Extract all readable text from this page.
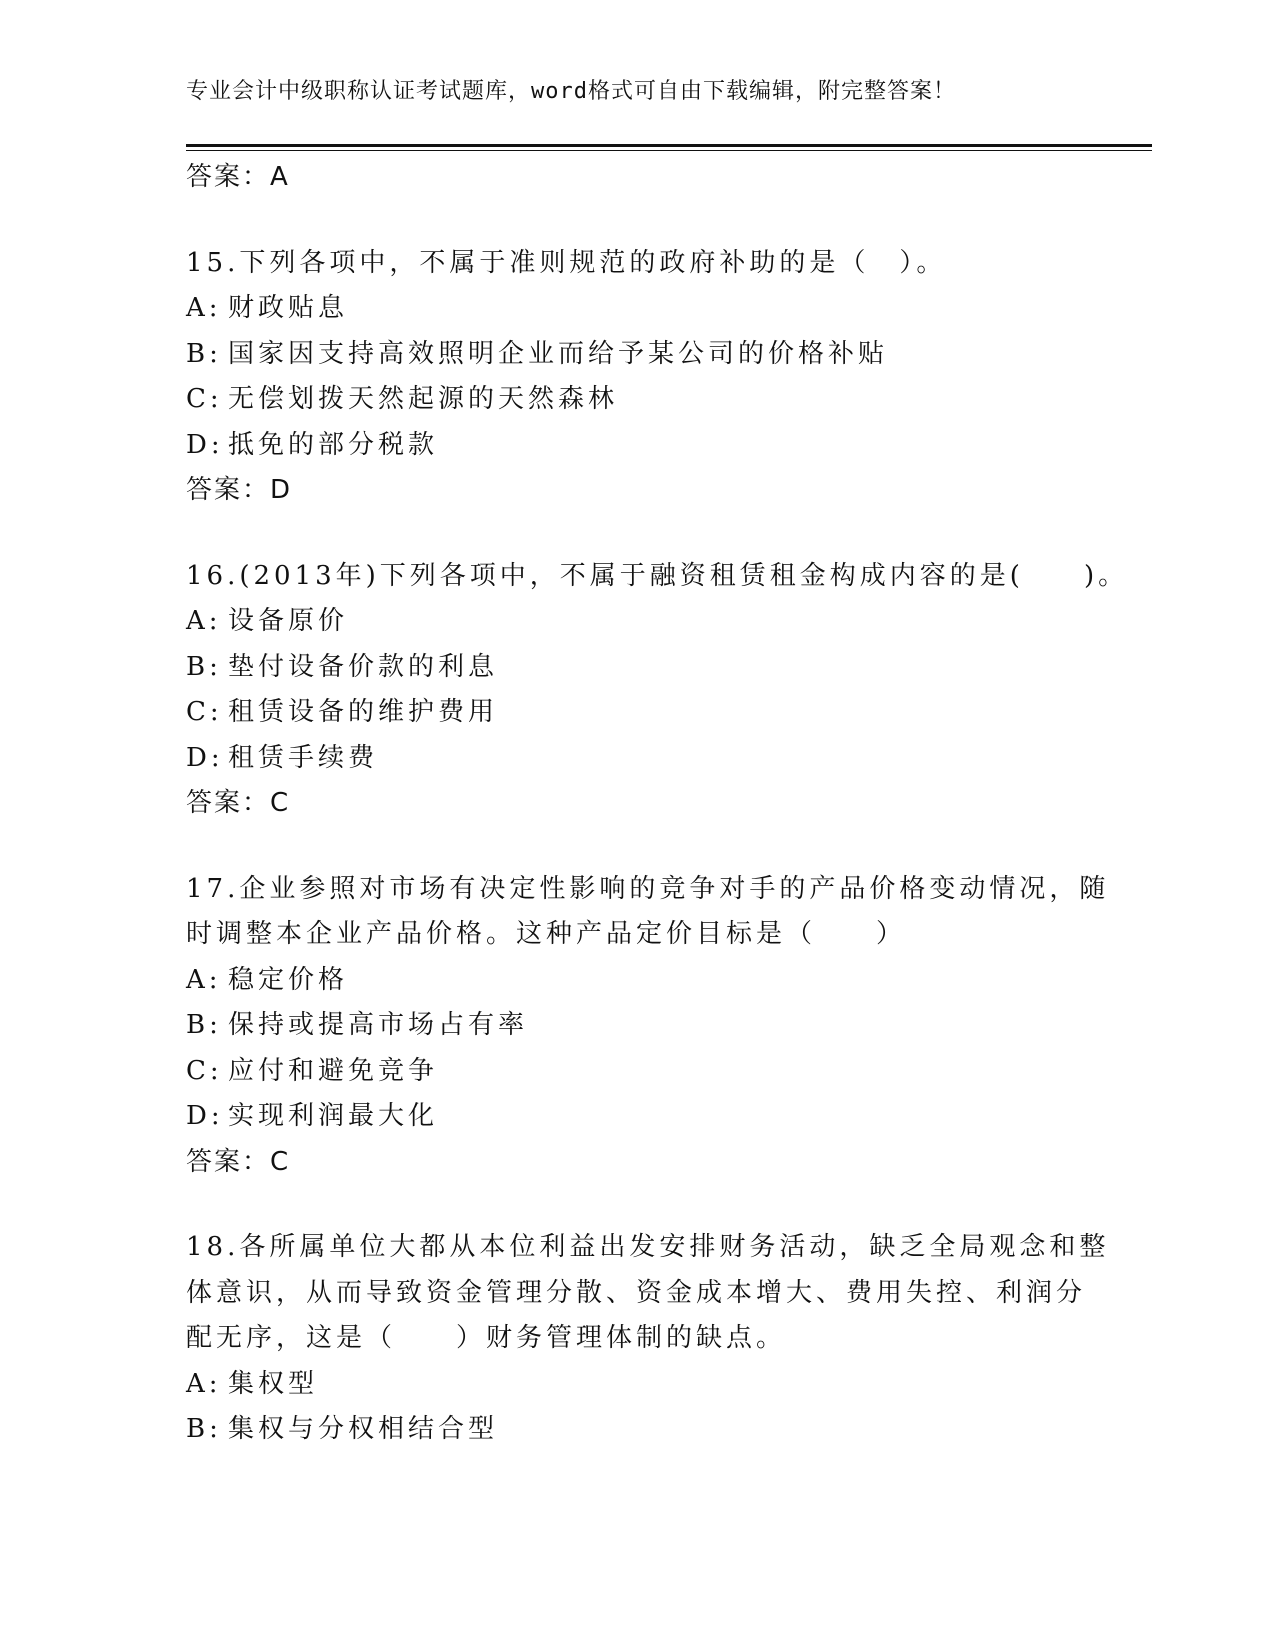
专业会计中级职称认证考试题库，word格式可自由下载编辑，附完整答案！
答案：A
15.下列各项中，不属于准则规范的政府补助的是（　）。
A: 财政贴息
B: 国家因支持高效照明企业而给予某公司的价格补贴
C: 无偿划拨天然起源的天然森林
D: 抵免的部分税款
答案：D
16.(2013年)下列各项中，不属于融资租赁租金构成内容的是(　　)。
A: 设备原价
B: 垫付设备价款的利息
C: 租赁设备的维护费用
D: 租赁手续费
答案：C
17.企业参照对市场有决定性影响的竞争对手的产品价格变动情况，随
时调整本企业产品价格。这种产品定价目标是（　　）
A: 稳定价格
B: 保持或提高市场占有率
C: 应付和避免竞争
D: 实现利润最大化
答案：C
18.各所属单位大都从本位利益出发安排财务活动，缺乏全局观念和整
体意识，从而导致资金管理分散、资金成本增大、费用失控、利润分
配无序，这是（　　）财务管理体制的缺点。
A: 集权型
B: 集权与分权相结合型
